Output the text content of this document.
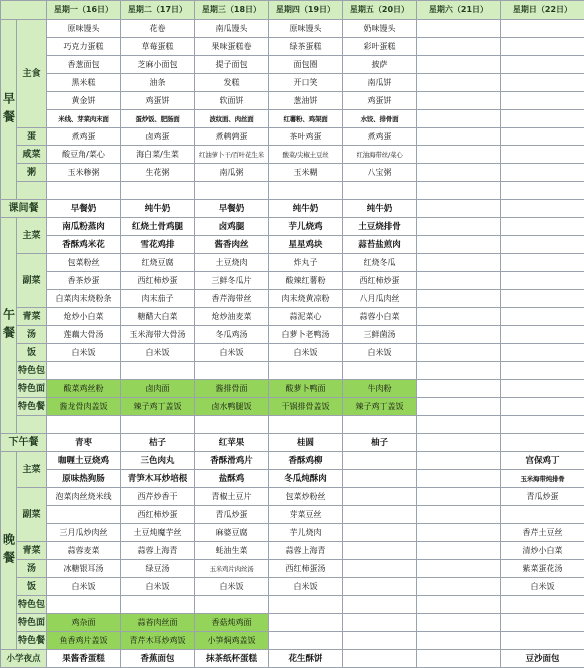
		星期一（16日）	星期二（17日）	星期三（18日）	星期四（19日）	星期五（20日）	星期六（21日）	星期日（22日）
早餐	主食	原味馒头	花卷	南瓜馒头	原味馒头	奶味馒头		
		巧克力蛋糕	草莓蛋糕	果味蛋糕卷	绿茶蛋糕	彩叶蛋糕		
		香葱面包	芝麻小面包	提子面包	面包圈	披萨		
		黑米糕	油条	发糕	开口笑	南瓜饼		
		黄金饼	鸡蛋饼	软面饼	葱油饼	鸡蛋饼		
		米线、芽菜肉末面	蛋炒饭、肥肠面	波纹面、肉丝面	红薯粉、鸡架面	水饺、排骨面		
	蛋	煮鸡蛋	卤鸡蛋	煮鹌鹑蛋	茶叶鸡蛋	煮鸡蛋		
	咸菜	酸豆角/菜心	海白菜/生菜	红油萝卜干/百叶花生米	酸菜/尖椒土豆丝	红油海带丝/菜心		
	粥	玉米糁粥	生花粥	南瓜粥	玉米糊	八宝粥		

课间餐		早餐奶	纯牛奶	早餐奶	纯牛奶	纯牛奶		
午餐	主菜	南瓜粉蒸肉	红烧土骨鸡腿	卤鸡腿	芋儿烧鸡	土豆烧排骨		
		香酥鸡米花	雪花鸡排	酱香肉丝	星星鸡块	蒜苔盐煎肉		
	副菜	包菜粉丝	红烧豆腐	土豆烧肉	炸丸子	红烧冬瓜		
		香茶炒蛋	西红柿炒蛋	三鲜冬瓜片	酸辣红薯粉	西红柿炒蛋		
		白菜肉末烧粉条	肉末茄子	香芹海带丝	肉末烧黄凉粉	八月瓜肉丝		
	青菜	炝炒小白菜	糖醋大白菜	炝炒油麦菜	蒜泥菜心	蒜蓉小白菜		
	汤	莲藕大骨汤	玉米海带大骨汤	冬瓜鸡汤	白萝卜老鸭汤	三鲜菌汤		
	饭	白米饭	白米饭	白米饭	白米饭	白米饭		
	特色包							
	特色面	酸菜鸡丝粉	卤肉面	酱排骨面	酸萝卜鸭面	牛肉粉		
	特色餐	酱龙骨肉盖饭	辣子鸡丁盖饭	卤水鸭腿饭	干锅排骨盖饭	辣子鸡丁盖饭		

下午餐		青枣	桔子	红苹果	桂圆	柚子		
晚餐	主菜	咖喱土豆烧鸡	三色肉丸	香酥滑鸡片	香酥鸡柳			宫保鸡丁
		原味热狗肠	青笋木耳炒培根	盐酥鸡	冬瓜炖酥肉			玉米海带炖排骨
	副菜	泡菜肉丝烧米线	西芹炒香干	青椒土豆片	包菜炒粉丝			青瓜炒蛋
			西红柿炒蛋	青瓜炒蛋	芽菜豆丝			
		三月瓜炒肉丝	土豆炖魔芋丝	麻婆豆腐	芋儿烧肉			香芹土豆丝
	青菜	蒜蓉麦菜	蒜蓉上海青	蚝油生菜	蒜蓉上海青			清炒小白菜
	汤	冰糖银耳汤	绿豆汤	玉米鸡片肉丝汤	西红柿蛋汤			紫菜蛋花汤
	饭	白米饭	白米饭	白米饭	白米饭			白米饭
	特色包							
	特色面	鸡杂面	蒜苔肉丝面	香菇炖鸡面				
	特色餐	鱼香鸡片盖饭	青芹木耳炒鸡饭	小笋焖鸡盖饭				
小学夜点		果酱香蛋糕	香蕉面包	抹茶纸杯蛋糕	花生酥饼			豆沙面包
